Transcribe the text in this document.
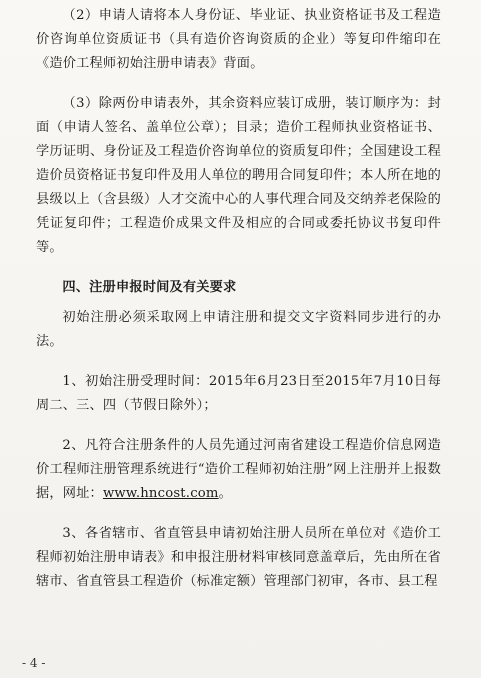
（2）申请人请将本人身份证、毕业证、执业资格证书及工程造价咨询单位资质证书（具有造价咨询资质的企业）等复印件缩印在《造价工程师初始注册申请表》背面。

（3）除两份申请表外，其余资料应装订成册，装订顺序为：封面（申请人签名、盖单位公章）；目录；造价工程师执业资格证书、学历证明、身份证及工程造价咨询单位的资质复印件；全国建设工程造价员资格证书复印件及用人单位的聘用合同复印件；本人所在地的县级以上（含县级）人才交流中心的人事代理合同及交纳养老保险的凭证复印件；工程造价成果文件及相应的合同或委托协议书复印件等。

四、注册申报时间及有关要求

初始注册必须采取网上申请注册和提交文字资料同步进行的办法。

1、初始注册受理时间：2015年6月23日至2015年7月10日每周二、三、四（节假日除外）；

2、凡符合注册条件的人员先通过河南省建设工程造价信息网造价工程师注册管理系统进行“造价工程师初始注册”网上注册并上报数据，网址：www.hncost.com。

3、各省辖市、省直管县申请初始注册人员所在单位对《造价工程师初始注册申请表》和申报注册材料审核同意盖章后，先由所在省辖市、省直管县工程造价（标准定额）管理部门初审，各市、县工程

- 4 -
